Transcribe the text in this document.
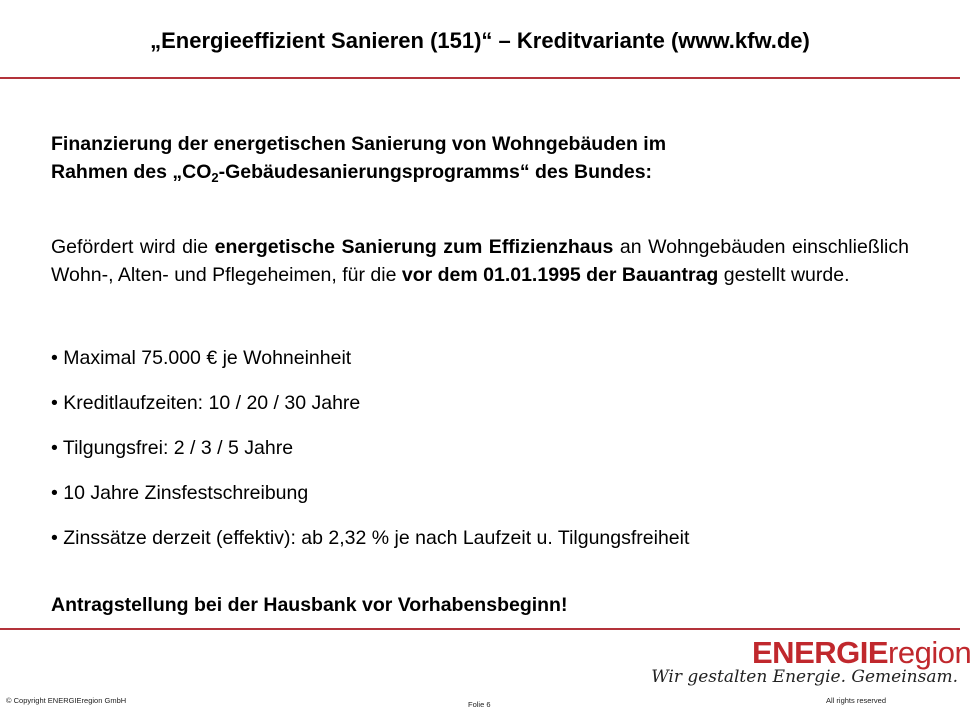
„Energieeffizient Sanieren (151)“ – Kreditvariante (www.kfw.de)
Finanzierung der energetischen Sanierung von Wohngebäuden im
Rahmen des $„CO_2-Gebäudesanierungsprogramms“$ des Bundes:
Gefördert wird die energetische Sanierung zum Effizienzhaus an Wohngebäuden einschließlich Wohn-, Alten- und Pflegeheimen, für die vor dem 01.01.1995 der Bauantrag gestellt wurde.
• Maximal 75.000 € je Wohneinheit
• Kreditlaufzeiten: 10 / 20 / 30 Jahre
• Tilgungsfrei: 2 / 3 / 5 Jahre
• 10 Jahre Zinsfestschreibung
• Zinssätze derzeit (effektiv): ab 2,32 % je nach Laufzeit u. Tilgungsfreiheit
Antragstellung bei der Hausbank vor Vorhabensbeginn!
ENERGIEregion
Wir gestalten Energie. Gemeinsam.
© Copyright ENERGIEregion GmbH	Folie 6	All rights reserved
